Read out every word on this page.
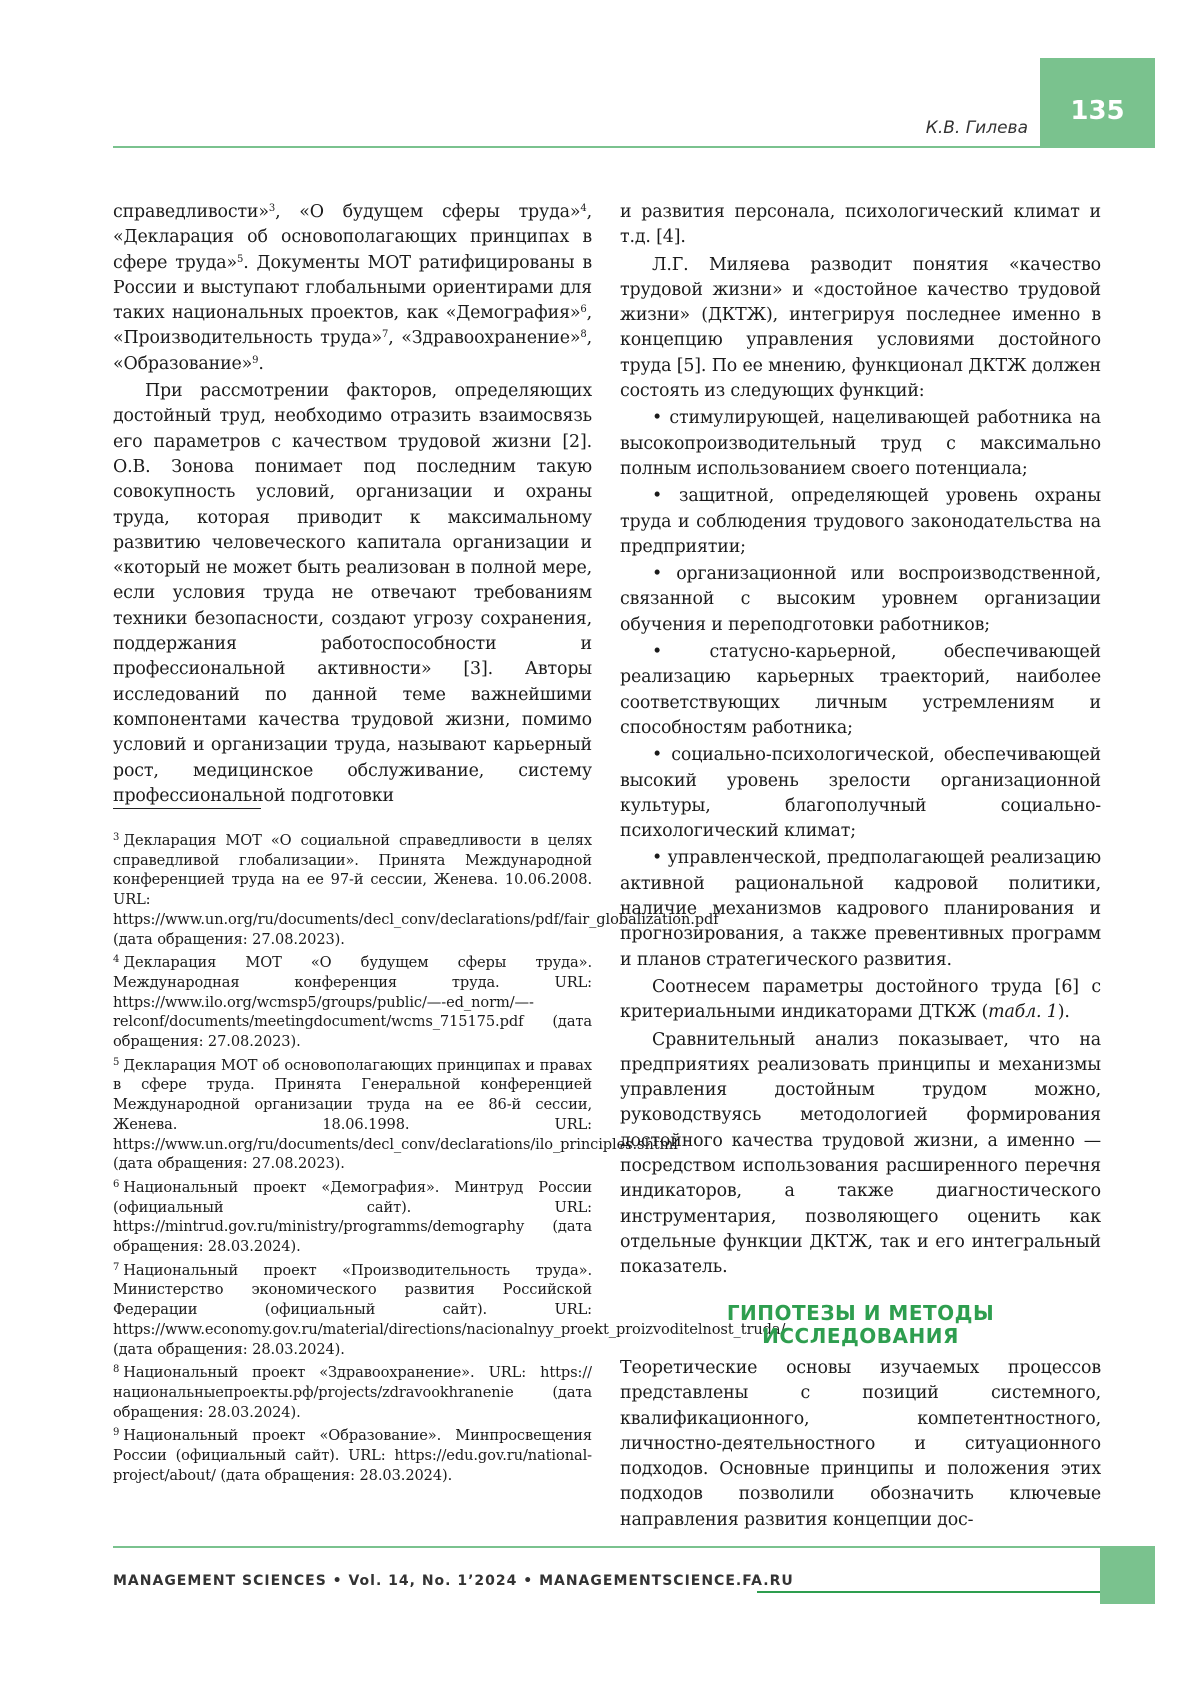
135
К.В. Гилева

справедливости»$^3$, «О будущем сферы труда»$^4$, «Декларация об основополагающих принципах в сфере труда»$^5$. Документы МОТ ратифицированы в России и выступают глобальными ориентирами для таких национальных проектов, как «Демография»$^6$, «Производительность труда»$^7$, «Здравоохранение»$^8$, «Образование»$^9$.

При рассмотрении факторов, определяющих достойный труд, необходимо отразить взаимосвязь его параметров с качеством трудовой жизни [2]. О.В. Зонова понимает под последним такую совокупность условий, организации и охраны труда, которая приводит к максимальному развитию человеческого капитала организации и «который не может быть реализован в полной мере, если условия труда не отвечают требованиям техники безопасности, создают угрозу сохранения, поддержания работоспособности и профессиональной активности» [3]. Авторы исследований по данной теме важнейшими компонентами качества трудовой жизни, помимо условий и организации труда, называют карьерный рост, медицинское обслуживание, систему профессиональной подготовки

$^3$ Декларация МОТ «О социальной справедливости в целях справедливой глобализации». Принята Международной конференцией труда на ее 97-й сессии, Женева. 10.06.2008. URL: https://www.un.org/ru/documents/decl_conv/declarations/pdf/fair_globalization.pdf (дата обращения: 27.08.2023).

$^4$ Декларация МОТ «О будущем сферы труда». Международная конференция труда. URL: https://www.ilo.org/wcmsp5/groups/public/—-ed_norm/—-relconf/documents/meetingdocument/wcms_715175.pdf (дата обращения: 27.08.2023).

$^5$ Декларация МОТ об основополагающих принципах и правах в сфере труда. Принята Генеральной конференцией Международной организации труда на ее 86-й сессии, Женева. 18.06.1998. URL: https://www.un.org/ru/documents/decl_conv/declarations/ilo_principles.shtml (дата обращения: 27.08.2023).

$^6$ Национальный проект «Демография». Минтруд России (официальный сайт). URL: https://mintrud.gov.ru/ministry/programms/demography (дата обращения: 28.03.2024).

$^7$ Национальный проект «Производительность труда». Министерство экономического развития Российской Федерации (официальный сайт). URL: https://www.economy.gov.ru/material/directions/nacionalnyy_proekt_proizvoditelnost_truda/ (дата обращения: 28.03.2024).

$^8$ Национальный проект «Здравоохранение». URL: https://национальныепроекты.рф/projects/zdravookhranenie (дата обращения: 28.03.2024).

$^9$ Национальный проект «Образование». Минпросвещения России (официальный сайт). URL: https://edu.gov.ru/national-project/about/ (дата обращения: 28.03.2024).

и развития персонала, психологический климат и т.д. [4].

Л.Г. Миляева разводит понятия «качество трудовой жизни» и «достойное качество трудовой жизни» (ДКТЖ), интегрируя последнее именно в концепцию управления условиями достойного труда [5]. По ее мнению, функционал ДКТЖ должен состоять из следующих функций:

• стимулирующей, нацеливающей работника на высокопроизводительный труд с максимально полным использованием своего потенциала;

• защитной, определяющей уровень охраны труда и соблюдения трудового законодательства на предприятии;

• организационной или воспроизводственной, связанной с высоким уровнем организации обучения и переподготовки работников;

• статусно-карьерной, обеспечивающей реализацию карьерных траекторий, наиболее соответствующих личным устремлениям и способностям работника;

• социально-психологической, обеспечивающей высокий уровень зрелости организационной культуры, благополучный социально-психологический климат;

• управленческой, предполагающей реализацию активной рациональной кадровой политики, наличие механизмов кадрового планирования и прогнозирования, а также превентивных программ и планов стратегического развития.

Соотнесем параметры достойного труда [6] с критериальными индикаторами ДТКЖ (табл. 1).

Сравнительный анализ показывает, что на предприятиях реализовать принципы и механизмы управления достойным трудом можно, руководствуясь методологией формирования достойного качества трудовой жизни, а именно — посредством использования расширенного перечня индикаторов, а также диагностического инструментария, позволяющего оценить как отдельные функции ДКТЖ, так и его интегральный показатель.

ГИПОТЕЗЫ И МЕТОДЫ
ИССЛЕДОВАНИЯ

Теоретические основы изучаемых процессов представлены с позиций системного, квалификационного, компетентностного, личностно-деятельностного и ситуационного подходов. Основные принципы и положения этих подходов позволили обозначить ключевые направления развития концепции дос-

MANAGEMENT SCIENCES • Vol. 14, No. 1’2024 • MANAGEMENTSCIENCE.FA.RU
